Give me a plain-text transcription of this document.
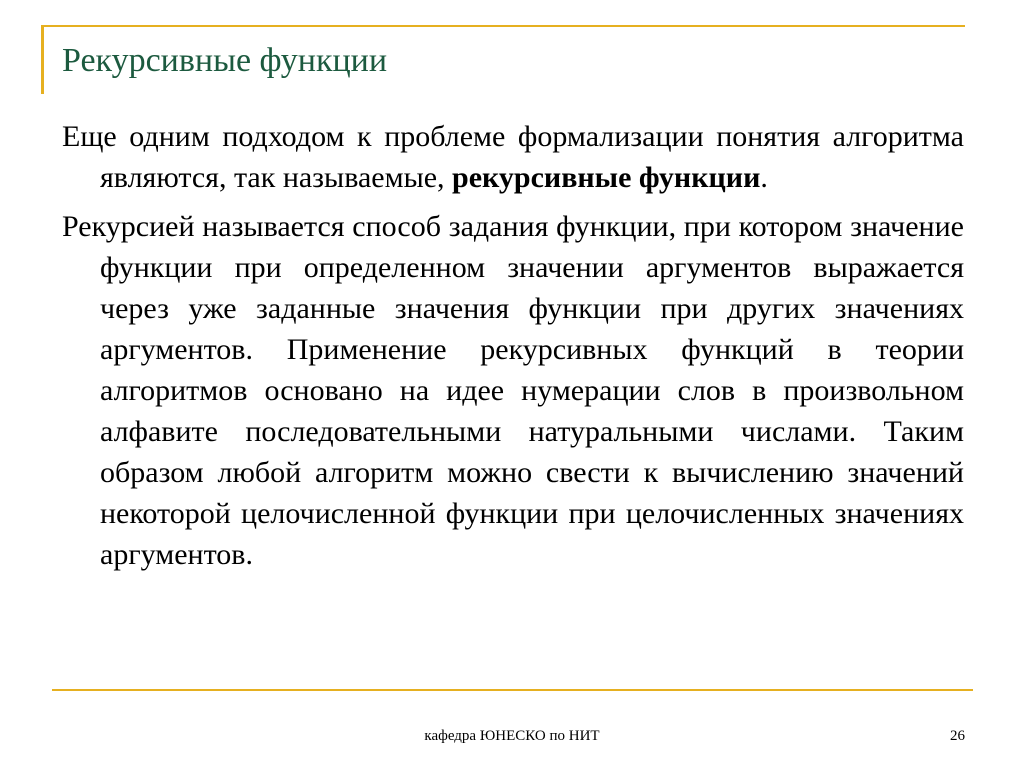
Рекурсивные функции

Еще одним подходом к проблеме формализации понятия алгоритма являются, так называемые, рекурсивные функции.

Рекурсией называется способ задания функции, при котором значение функции при определенном значении аргументов выражается через уже заданные значения функции при других значениях аргументов. Применение рекурсивных функций в теории алгоритмов основано на идее нумерации слов в произвольном алфавите последовательными натуральными числами. Таким образом любой алгоритм можно свести к вычислению значений некоторой целочисленной функции при целочисленных значениях аргументов.

кафедра ЮНЕСКО по НИТ	26
